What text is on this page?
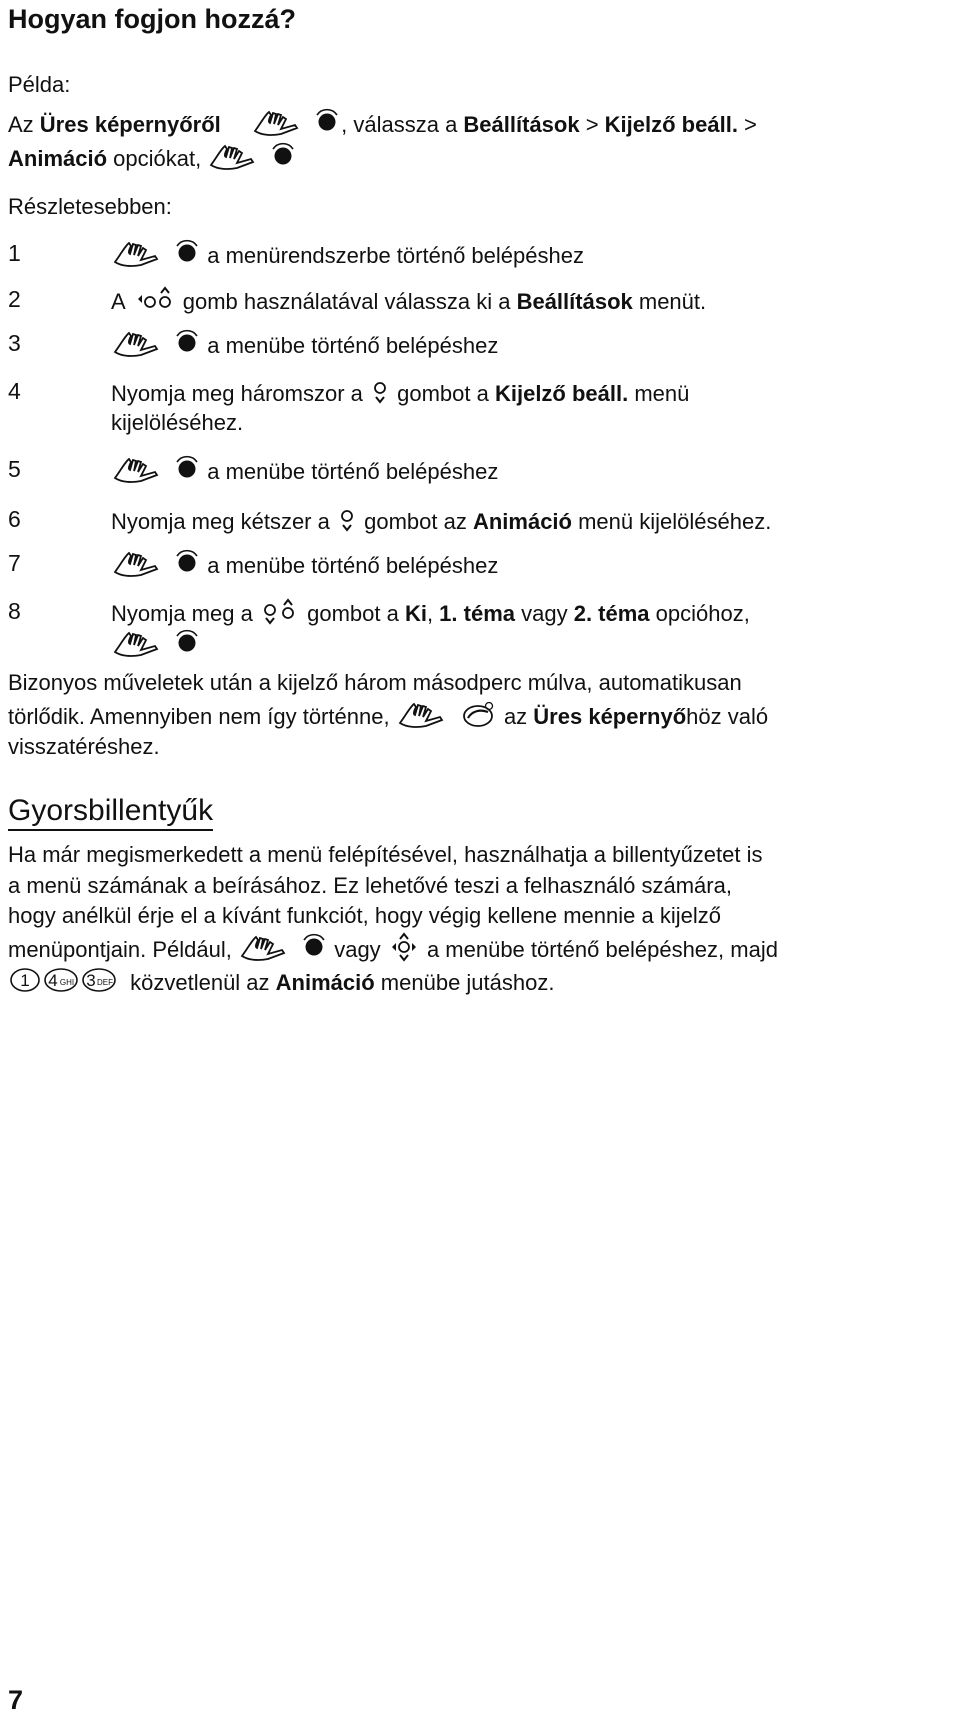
Hogyan fogjon hozzá?
Példa:
Az Üres képernyőről	, válassza a Beállítások > Kijelző beáll. >
Animáció opciókat,
Részletesebben:
1	a menürendszerbe történő belépéshez
2	A	gomb használatával válassza ki a Beállítások menüt.
3	a menübe történő belépéshez
4	Nyomja meg háromszor a gombot a Kijelző beáll. menü
kijelöléséhez.
5	a menübe történő belépéshez
6	Nyomja meg kétszer a gombot az Animáció menü kijelöléséhez.
7	a menübe történő belépéshez
8	Nyomja meg a gombot a Ki, 1. téma vagy 2. téma opcióhoz,

Bizonyos műveletek után a kijelző három másodperc múlva, automatikusan
törlődik. Amennyiben nem így történne,	az Üres képernyőhöz való
visszatéréshez.
Gyorsbillentyűk
Ha már megismerkedett a menü felépítésével, használhatja a billentyűzetet is
a menü számának a beírásához. Ez lehetővé teszi a felhasználó számára,
hogy anélkül érje el a kívánt funkciót, hogy végig kellene mennie a kijelző
menüpontjain. Például,	vagy a menübe történő belépéshez, majd
1 4 GHI 3 DEF közvetlenül az Animáció menübe jutáshoz.
7
